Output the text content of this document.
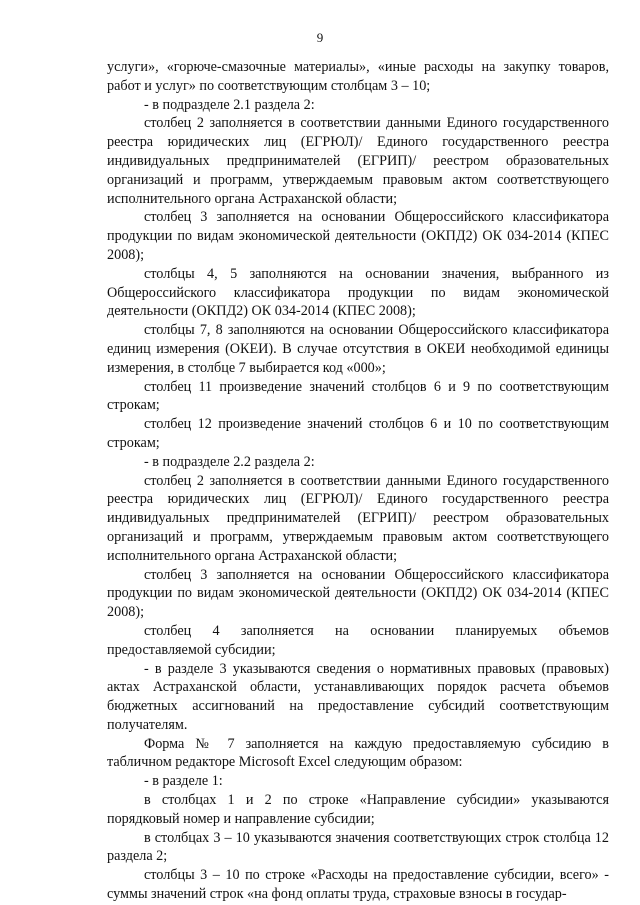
9

услуги», «горюче-смазочные материалы», «иные расходы на закупку товаров, работ и услуг» по соответствующим столбцам 3 – 10;

- в подразделе 2.1 раздела 2:

столбец 2 заполняется в соответствии данными Единого государственного реестра юридических лиц (ЕГРЮЛ)/ Единого государственного реестра индивидуальных предпринимателей (ЕГРИП)/ реестром образовательных организаций и программ, утверждаемым правовым актом соответствующего исполнительного органа Астраханской области;

столбец 3 заполняется на основании Общероссийского классификатора продукции по видам экономической деятельности (ОКПД2) ОК 034-2014 (КПЕС 2008);

столбцы 4, 5 заполняются на основании значения, выбранного из Общероссийского классификатора продукции по видам экономической деятельности (ОКПД2) ОК 034-2014 (КПЕС 2008);

столбцы 7, 8 заполняются на основании Общероссийского классификатора единиц измерения (ОКЕИ). В случае отсутствия в ОКЕИ необходимой единицы измерения, в столбце 7 выбирается код «000»;

столбец 11 произведение значений столбцов 6 и 9 по соответствующим строкам;

столбец 12 произведение значений столбцов 6 и 10 по соответствующим строкам;

- в подразделе 2.2 раздела 2:

столбец 2 заполняется в соответствии данными Единого государственного реестра юридических лиц (ЕГРЮЛ)/ Единого государственного реестра индивидуальных предпринимателей (ЕГРИП)/ реестром образовательных организаций и программ, утверждаемым правовым актом соответствующего исполнительного органа Астраханской области;

столбец 3 заполняется на основании Общероссийского классификатора продукции по видам экономической деятельности (ОКПД2) ОК 034-2014 (КПЕС 2008);

столбец 4 заполняется на основании планируемых объемов предоставляемой субсидии;

- в разделе 3 указываются сведения о нормативных правовых (правовых) актах Астраханской области, устанавливающих порядок расчета объемов бюджетных ассигнований на предоставление субсидий соответствующим получателям.

Форма № 7 заполняется на каждую предоставляемую субсидию в табличном редакторе Microsoft Excel следующим образом:

- в разделе 1:

в столбцах 1 и 2 по строке «Направление субсидии» указываются порядковый номер и направление субсидии;

в столбцах 3 – 10 указываются значения соответствующих строк столбца 12 раздела 2;

столбцы 3 – 10 по строке «Расходы на предоставление субсидии, всего» - суммы значений строк «на фонд оплаты труда, страховые взносы в государ-
